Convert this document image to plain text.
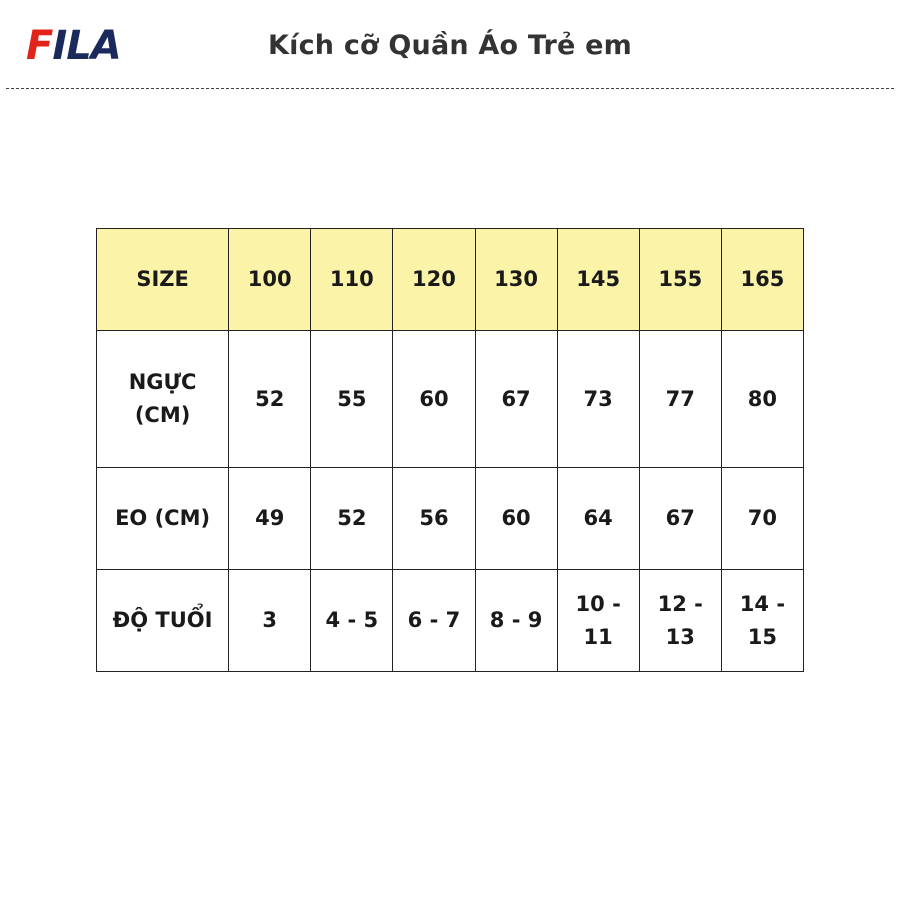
F ILA	Kích cỡ Quần Áo Trẻ em
SIZE	100	110	120	130	145	155	165
NGỰC (CM)	52	55	60	67	73	77	80
EO (CM)	49	52	56	60	64	67	70
ĐỘ TUỔI	3	4 - 5	6 - 7	8 - 9	10 - 11	12 - 13	14 - 15
